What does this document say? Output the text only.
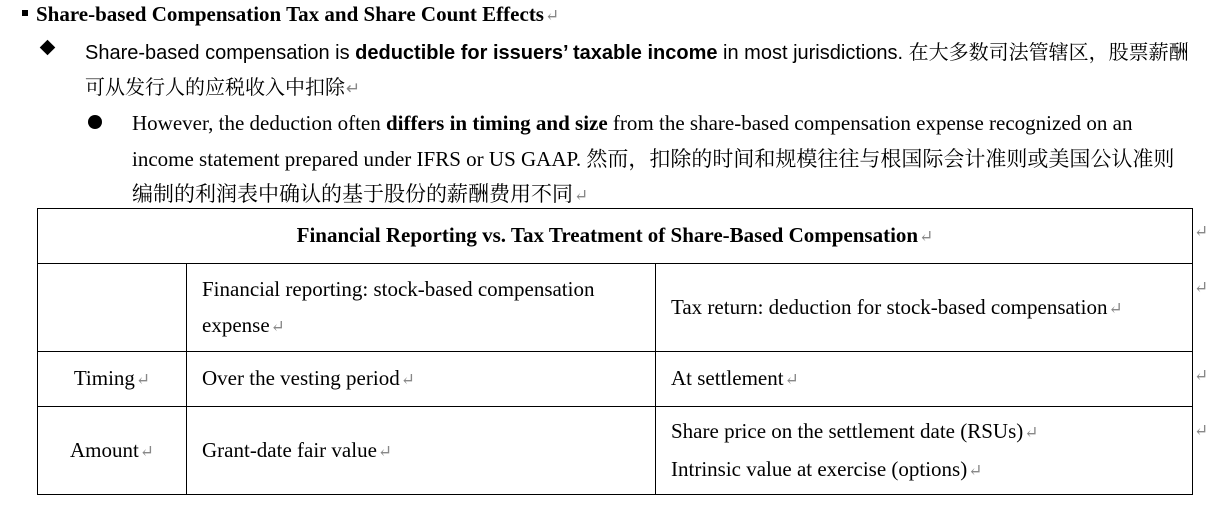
Share-based Compensation Tax and Share Count Effects↵
Share-based compensation is deductible for issuers’ taxable income in most jurisdictions. 在大多数司法管辖区，股票薪酬可从发行人的应税收入中扣除↵
However, the deduction often differs in timing and size from the share-based compensation expense recognized on an income statement prepared under IFRS or US GAAP. 然而，扣除的时间和规模往往与根国际会计准则或美国公认准则编制的利润表中确认的基于股份的薪酬费用不同↵
Financial Reporting vs. Tax Treatment of Share-Based Compensation↵		
	Financial reporting: stock-based compensation expense↵	Tax return: deduction for stock-based compensation↵
Timing↵	Over the vesting period↵	At settlement↵
Amount↵	Grant-date fair value↵	Share price on the settlement date (RSUs)↵
Intrinsic value at exercise (options)↵
↵
↵
↵
↵
